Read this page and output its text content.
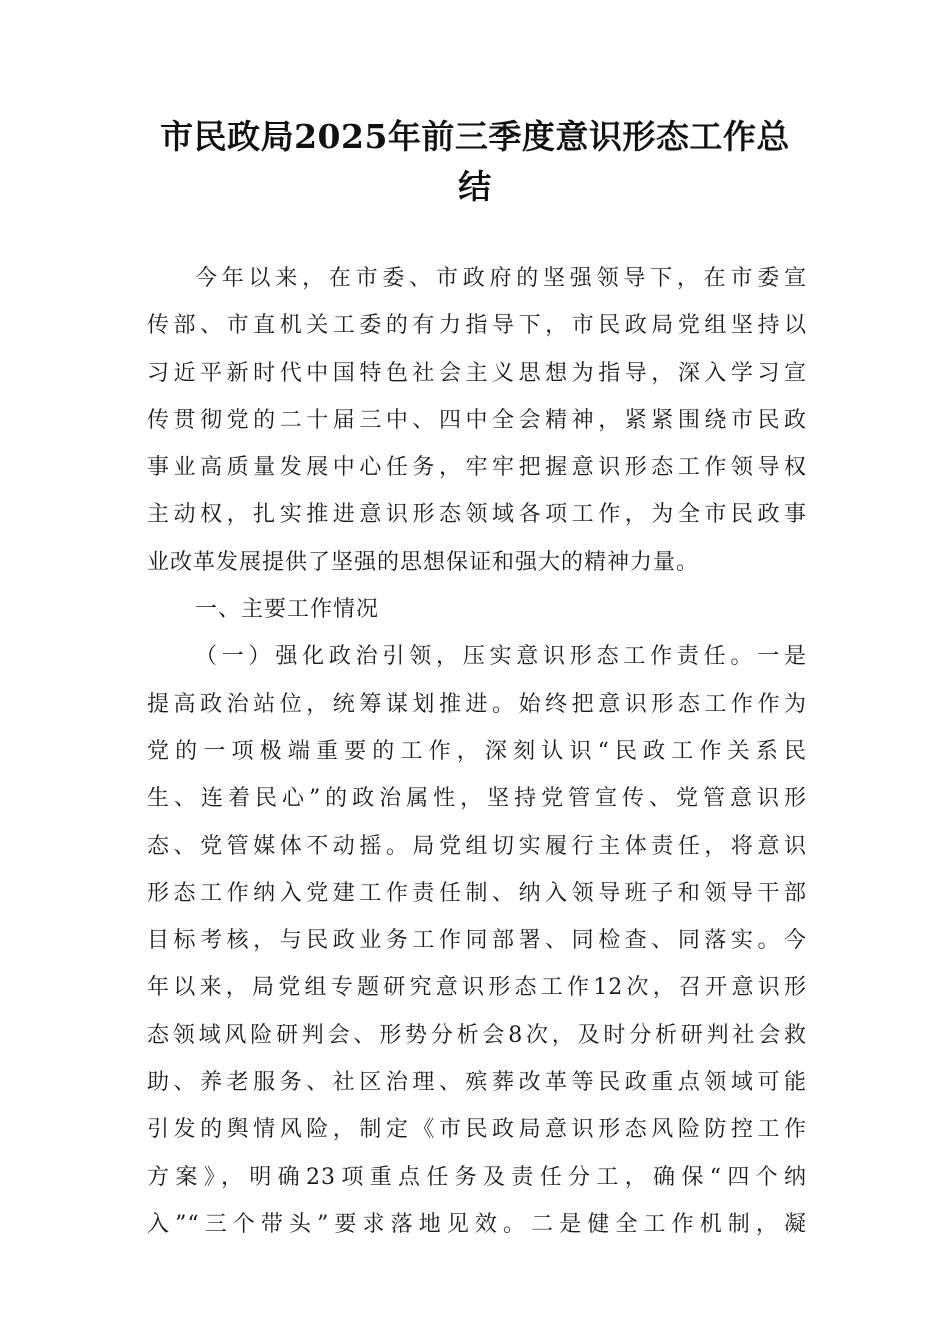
市民政局2025年前三季度意识形态工作总
结
今年以来，在市委、市政府的坚强领导下，在市委宣
传部、市直机关工委的有力指导下，市民政局党组坚持以
习近平新时代中国特色社会主义思想为指导，深入学习宣
传贯彻党的二十届三中、四中全会精神，紧紧围绕市民政
事业高质量发展中心任务，牢牢把握意识形态工作领导权
主动权，扎实推进意识形态领域各项工作，为全市民政事
业改革发展提供了坚强的思想保证和强大的精神力量。
一、主要工作情况
（一）强化政治引领，压实意识形态工作责任。一是
提高政治站位，统筹谋划推进。始终把意识形态工作作为
党的一项极端重要的工作，深刻认识“民政工作关系民
生、连着民心”的政治属性，坚持党管宣传、党管意识形
态、党管媒体不动摇。局党组切实履行主体责任，将意识
形态工作纳入党建工作责任制、纳入领导班子和领导干部
目标考核，与民政业务工作同部署、同检查、同落实。今
年以来，局党组专题研究意识形态工作12次，召开意识形
态领域风险研判会、形势分析会8次，及时分析研判社会救
助、养老服务、社区治理、殡葬改革等民政重点领域可能
引发的舆情风险，制定《市民政局意识形态风险防控工作
方案》，明确23项重点任务及责任分工，确保“四个纳
入”“三个带头”要求落地见效。二是健全工作机制，凝
